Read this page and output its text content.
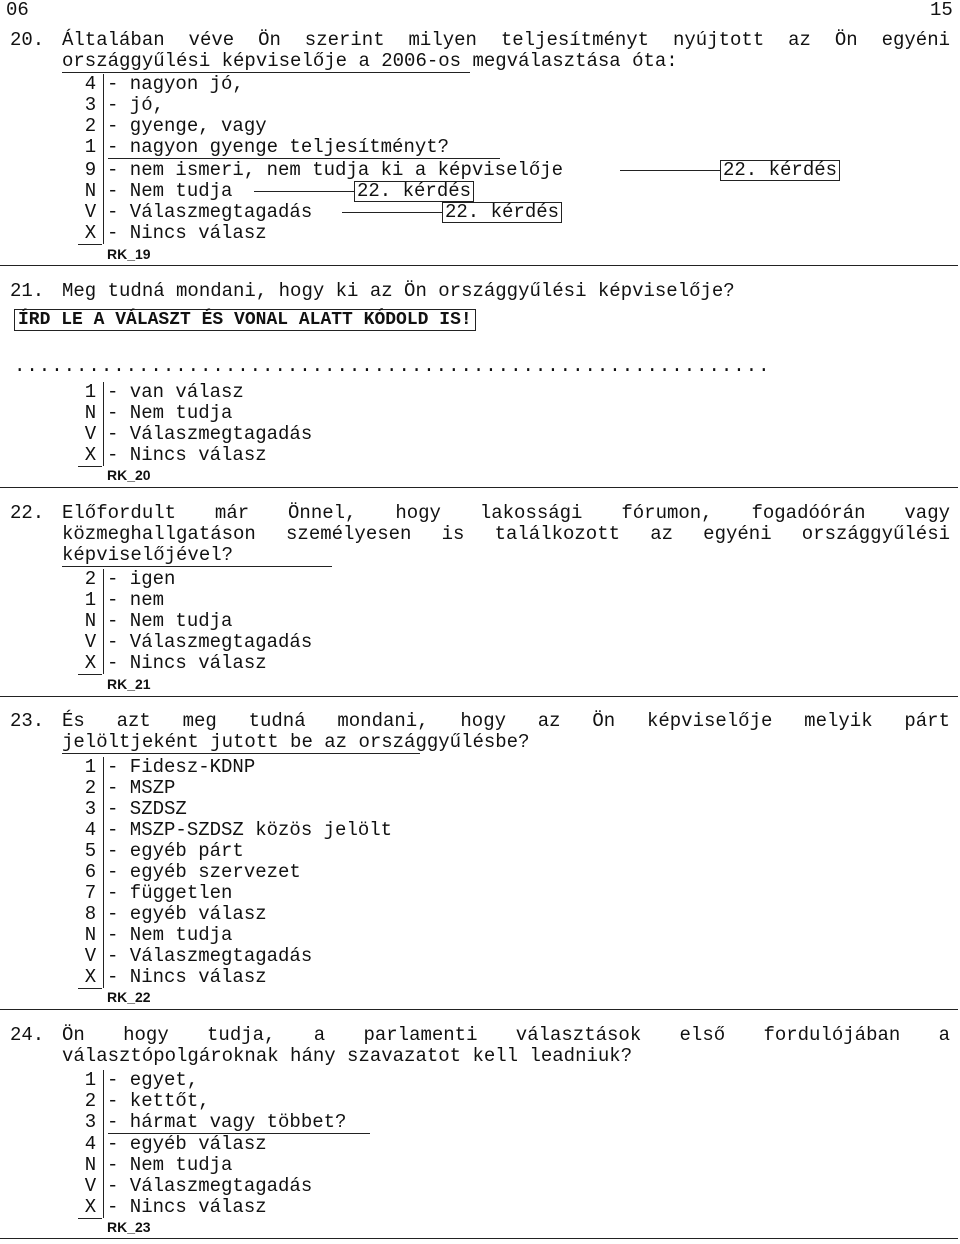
06	15
20. Általában véve Ön szerint milyen teljesítményt nyújtott az Ön egyéni
országgyűlési képviselője a 2006-os megválasztása óta:
4 - nagyon jó,
3 - jó,
2 - gyenge, vagy
1 - nagyon gyenge teljesítményt?
9 - nem ismeri, nem tudja ki a képviselője
N - Nem tudja
V - Válaszmegtagadás
X - Nincs válasz
22. kérdés
22. kérdés
22. kérdés
RK_19
21. Meg tudná mondani, hogy ki az Ön országgyűlési képviselője?
ÍRD LE A VÁLASZT ÉS VONAL ALATT KÓDOLD IS!
.............................................................
1 - van válasz
N - Nem tudja
V - Válaszmegtagadás
X - Nincs válasz
RK_20
22. Előfordult már Önnel, hogy lakossági fórumon, fogadóórán vagy
közmeghallgatáson személyesen is találkozott az egyéni országgyűlési
képviselőjével?
2 - igen
1 - nem
N - Nem tudja
V - Válaszmegtagadás
X - Nincs válasz
RK_21
23. És azt meg tudná mondani, hogy az Ön képviselője melyik párt
jelöltjeként jutott be az országgyűlésbe?
1 - Fidesz-KDNP
2 - MSZP
3 - SZDSZ
4 - MSZP-SZDSZ közös jelölt
5 - egyéb párt
6 - egyéb szervezet
7 - független
8 - egyéb válasz
N - Nem tudja
V - Válaszmegtagadás
X - Nincs válasz
RK_22
24. Ön hogy tudja, a parlamenti választások első fordulójában a
választópolgároknak hány szavazatot kell leadniuk?
1 - egyet,
2 - kettőt,
3 - hármat vagy többet?
4 - egyéb válasz
N - Nem tudja
V - Válaszmegtagadás
X - Nincs válasz
RK_23
